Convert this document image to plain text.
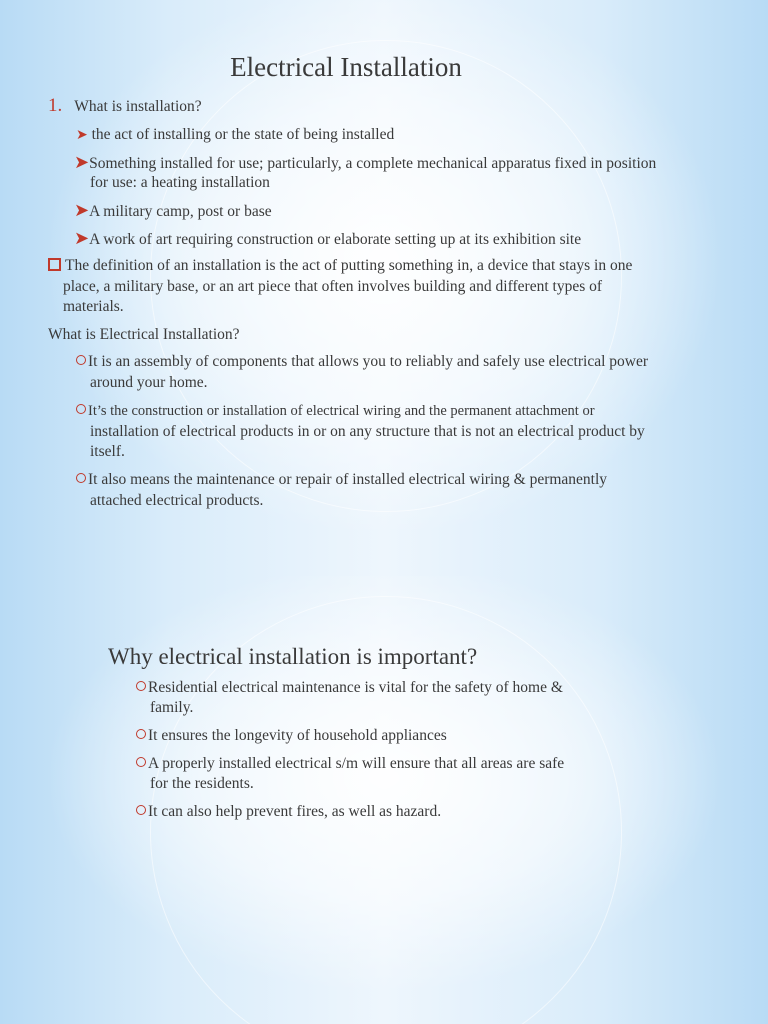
Electrical Installation
1. What is installation?
➤ the act of installing or the state of being installed
➤Something installed for use; particularly, a complete mechanical apparatus fixed in position
for use: a heating installation
➤A military camp, post or base
➤A work of art requiring construction or elaborate setting up at its exhibition site
The definition of an installation is the act of putting something in, a device that stays in one
place, a military base, or an art piece that often involves building and different types of
materials.
What is Electrical Installation?
It is an assembly of components that allows you to reliably and safely use electrical power
around your home.
It’s the construction or installation of electrical wiring and the permanent attachment or
installation of electrical products in or on any structure that is not an electrical product by
itself.
It also means the maintenance or repair of installed electrical wiring & permanently
attached electrical products.
Why electrical installation is important?
Residential electrical maintenance is vital for the safety of home &
family.
It ensures the longevity of household appliances
A properly installed electrical s/m will ensure that all areas are safe
for the residents.
It can also help prevent fires, as well as hazard.
